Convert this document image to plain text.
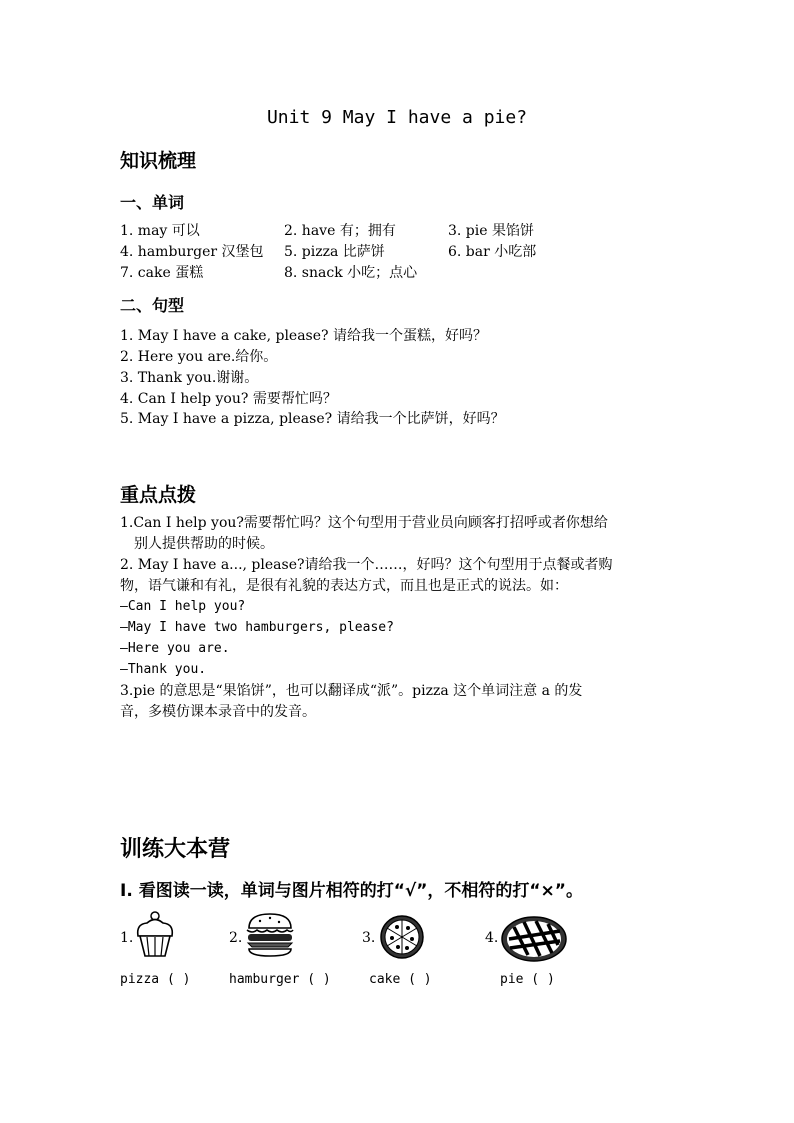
Unit 9 May I have a pie?
知识梳理
一、单词
1. may 可以	2. have 有；拥有	3. pie 果馅饼
4. hamburger 汉堡包 5. pizza 比萨饼	6. bar 小吃部
7. cake 蛋糕	8. snack 小吃；点心
二、句型
1. May I have a cake, please? 请给我一个蛋糕，好吗？
2. Here you are.给你。
3. Thank you.谢谢。
4. Can I help you? 需要帮忙吗？
5. May I have a pizza, please? 请给我一个比萨饼，好吗？
重点点拨
1.Can I help you?需要帮忙吗？这个句型用于营业员向顾客打招呼或者你想给
别人提供帮助的时候。
2. May I have a..., please?请给我一个……，好吗？这个句型用于点餐或者购
物，语气谦和有礼，是很有礼貌的表达方式，而且也是正式的说法。如：
—Can I help you?
—May I have two hamburgers, please?
—Here you are.
—Thank you.
3.pie 的意思是“果馅饼”，也可以翻译成“派”。pizza 这个单词注意 a 的发
音，多模仿课本录音中的发音。
训练大本营
Ⅰ. 看图读一读，单词与图片相符的打“√”，不相符的打“×”。
1.	2.	3.	4.
pizza ( )	hamburger ( )	cake ( )	pie ( )
